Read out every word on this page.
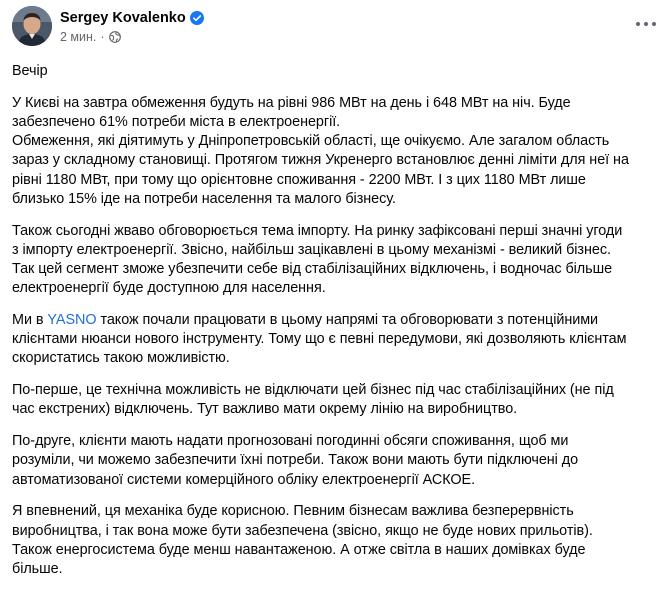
Sergey Kovalenko
2 мин. ·

Вечір

У Києві на завтра обмеження будуть на рівні 986 МВт на день і 648 МВт на ніч. Буде
забезпечено 61% потреби міста в електроенергії.
Обмеження, які діятимуть у Дніпропетровській області, ще очікуємо. Але загалом область
зараз у складному становищі. Протягом тижня Укренерго встановлює денні ліміти для неї на
рівні 1180 МВт, при тому що орієнтовне споживання - 2200 МВт. І з цих 1180 МВт лише
близько 15% іде на потреби населення та малого бізнесу.

Також сьогодні жваво обговорюється тема імпорту. На ринку зафіксовані перші значні угоди
з імпорту електроенергії. Звісно, найбільш зацікавлені в цьому механізмі - великий бізнес.
Так цей сегмент зможе убезпечити себе від стабілізаційних відключень, і водночас більше
електроенергії буде доступною для населення.

Ми в YASNO також почали працювати в цьому напрямі та обговорювати з потенційними
клієнтами нюанси нового інструменту. Тому що є певні передумови, які дозволяють клієнтам
скористатись такою можливістю.

По-перше, це технічна можливість не відключати цей бізнес під час стабілізаційних (не під
час екстрених) відключень. Тут важливо мати окрему лінію на виробництво.

По-друге, клієнти мають надати прогнозовані погодинні обсяги споживання, щоб ми
розуміли, чи можемо забезпечити їхні потреби. Також вони мають бути підключені до
автоматизованої системи комерційного обліку електроенергії АСКОЕ.

Я впевнений, ця механіка буде корисною. Певним бізнесам важлива безперервність
виробництва, і так вона може бути забезпечена (звісно, якщо не буде нових прильотів).
Також енергосистема буде менш навантаженою. А отже світла в наших домівках буде
більше.
